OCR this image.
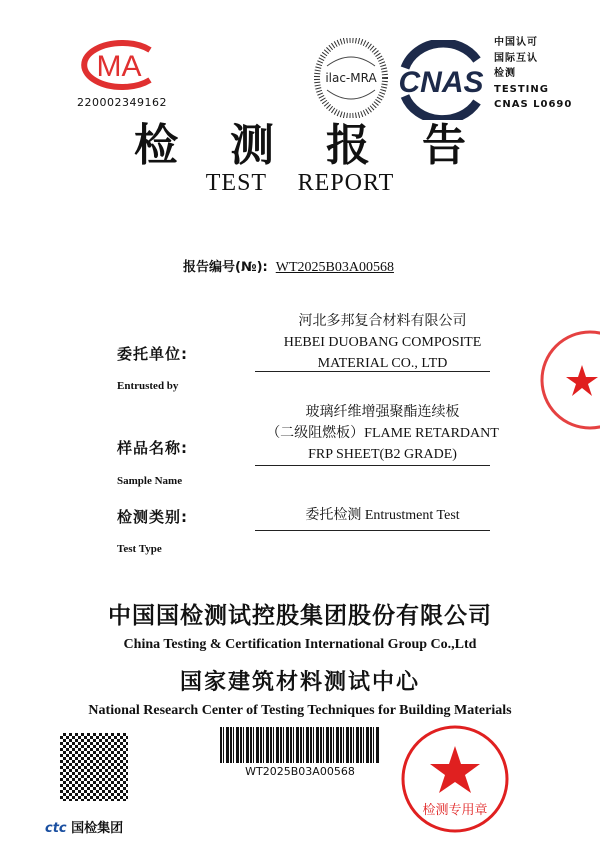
MA
220002349162
ilac-MRA CNAS
中国认可
国际互认
检测
TESTING
CNAS L0690
检测报告
TEST REPORT
报告编号(№): WT2025B03A00568
委托单位:
Entrusted by
河北多邦复合材料有限公司
HEBEI DUOBANG COMPOSITE
MATERIAL CO., LTD
样品名称:
Sample Name
玻璃纤维增强聚酯连续板
（二级阻燃板）FLAME RETARDANT
FRP SHEET(B2 GRADE)
检测类别:
Test Type
委托检测 Entrustment Test
中国国检测试控股集团股份有限公司
China Testing & Certification International Group Co.,Ltd
国家建筑材料测试中心
National Research Center of Testing Techniques for Building Materials
检测专用章
WT2025B03A00568
ctc 国检集团
